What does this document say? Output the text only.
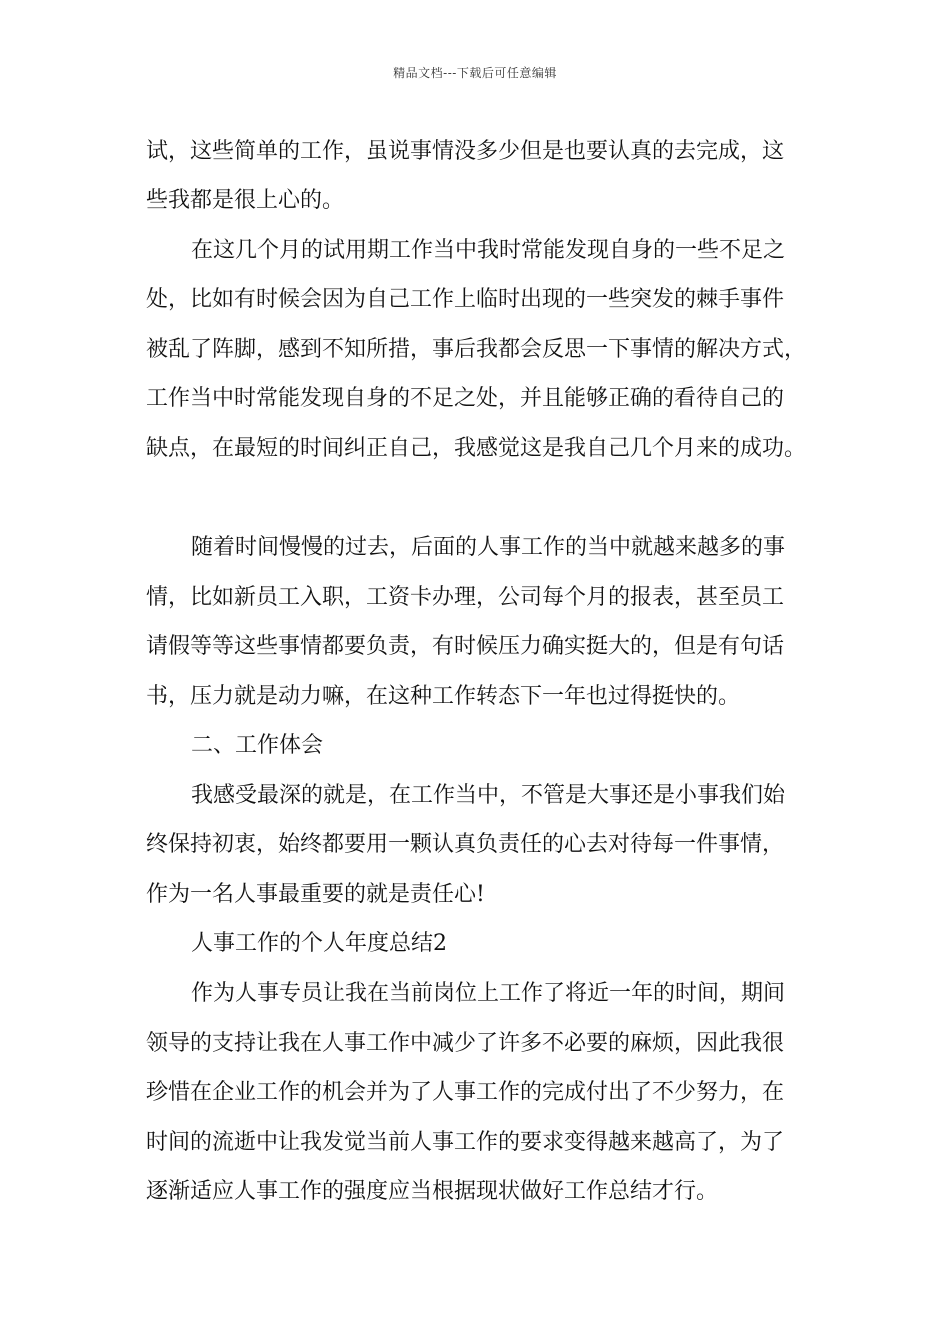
精品文档---下载后可任意编辑
试，这些简单的工作，虽说事情没多少但是也要认真的去完成，这
些我都是很上心的。
在这几个月的试用期工作当中我时常能发现自身的一些不足之
处，比如有时候会因为自己工作上临时出现的一些突发的棘手事件
被乱了阵脚，感到不知所措，事后我都会反思一下事情的解决方式，
工作当中时常能发现自身的不足之处，并且能够正确的看待自己的
缺点，在最短的时间纠正自己，我感觉这是我自己几个月来的成功。
随着时间慢慢的过去，后面的人事工作的当中就越来越多的事
情，比如新员工入职，工资卡办理，公司每个月的报表，甚至员工
请假等等这些事情都要负责，有时候压力确实挺大的，但是有句话
书，压力就是动力嘛，在这种工作转态下一年也过得挺快的。
二、工作体会
我感受最深的就是，在工作当中，不管是大事还是小事我们始
终保持初衷，始终都要用一颗认真负责任的心去对待每一件事情，
作为一名人事最重要的就是责任心!
人事工作的个人年度总结2
作为人事专员让我在当前岗位上工作了将近一年的时间，期间
领导的支持让我在人事工作中减少了许多不必要的麻烦，因此我很
珍惜在企业工作的机会并为了人事工作的完成付出了不少努力，在
时间的流逝中让我发觉当前人事工作的要求变得越来越高了，为了
逐渐适应人事工作的强度应当根据现状做好工作总结才行。
